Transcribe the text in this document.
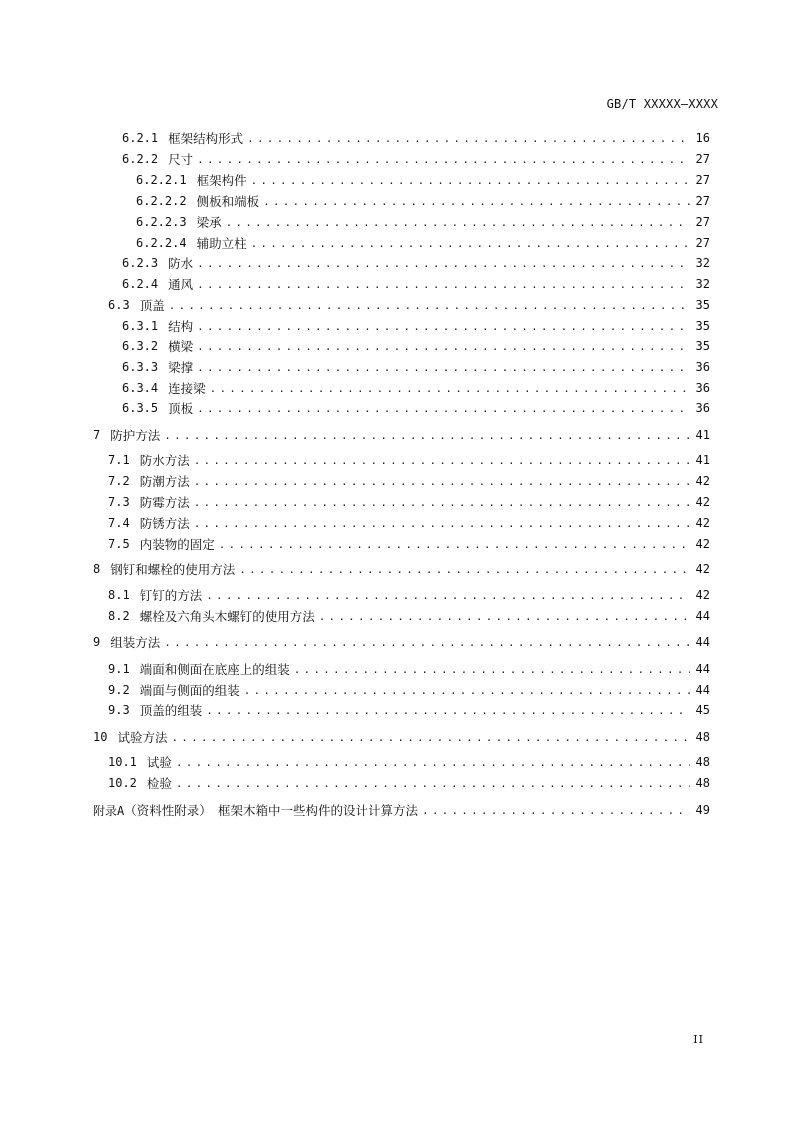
GB/T XXXXX—XXXX
6.2.1 框架结构形式 .....	16
6.2.2 尺寸 .....	27
6.2.2.1 框架构件 .....	27
6.2.2.2 侧板和端板 .....	27
6.2.2.3 梁承 .....	27
6.2.2.4 辅助立柱 .....	27
6.2.3 防水 .....	32
6.2.4 通风 .....	32
6.3 顶盖 .....	35
6.3.1 结构 .....	35
6.3.2 横梁 .....	35
6.3.3 梁撑 .....	36
6.3.4 连接梁 .....	36
6.3.5 顶板 .....	36
7 防护方法 .....	41
7.1 防水方法 .....	41
7.2 防潮方法 .....	42
7.3 防霉方法 .....	42
7.4 防锈方法 .....	42
7.5 内装物的固定 .....	42
8 钢钉和螺栓的使用方法 .....	42
8.1 钉钉的方法 .....	42
8.2 螺栓及六角头木螺钉的使用方法 .....	44
9 组装方法 .....	44
9.1 端面和侧面在底座上的组装 .....	44
9.2 端面与侧面的组装 .....	44
9.3 顶盖的组装 .....	45
10 试验方法 .....	48
10.1 试验 .....	48
10.2 检验 .....	48
附录A （资料性附录）　框架木箱中一些构件的设计计算方法 .....	49
II
